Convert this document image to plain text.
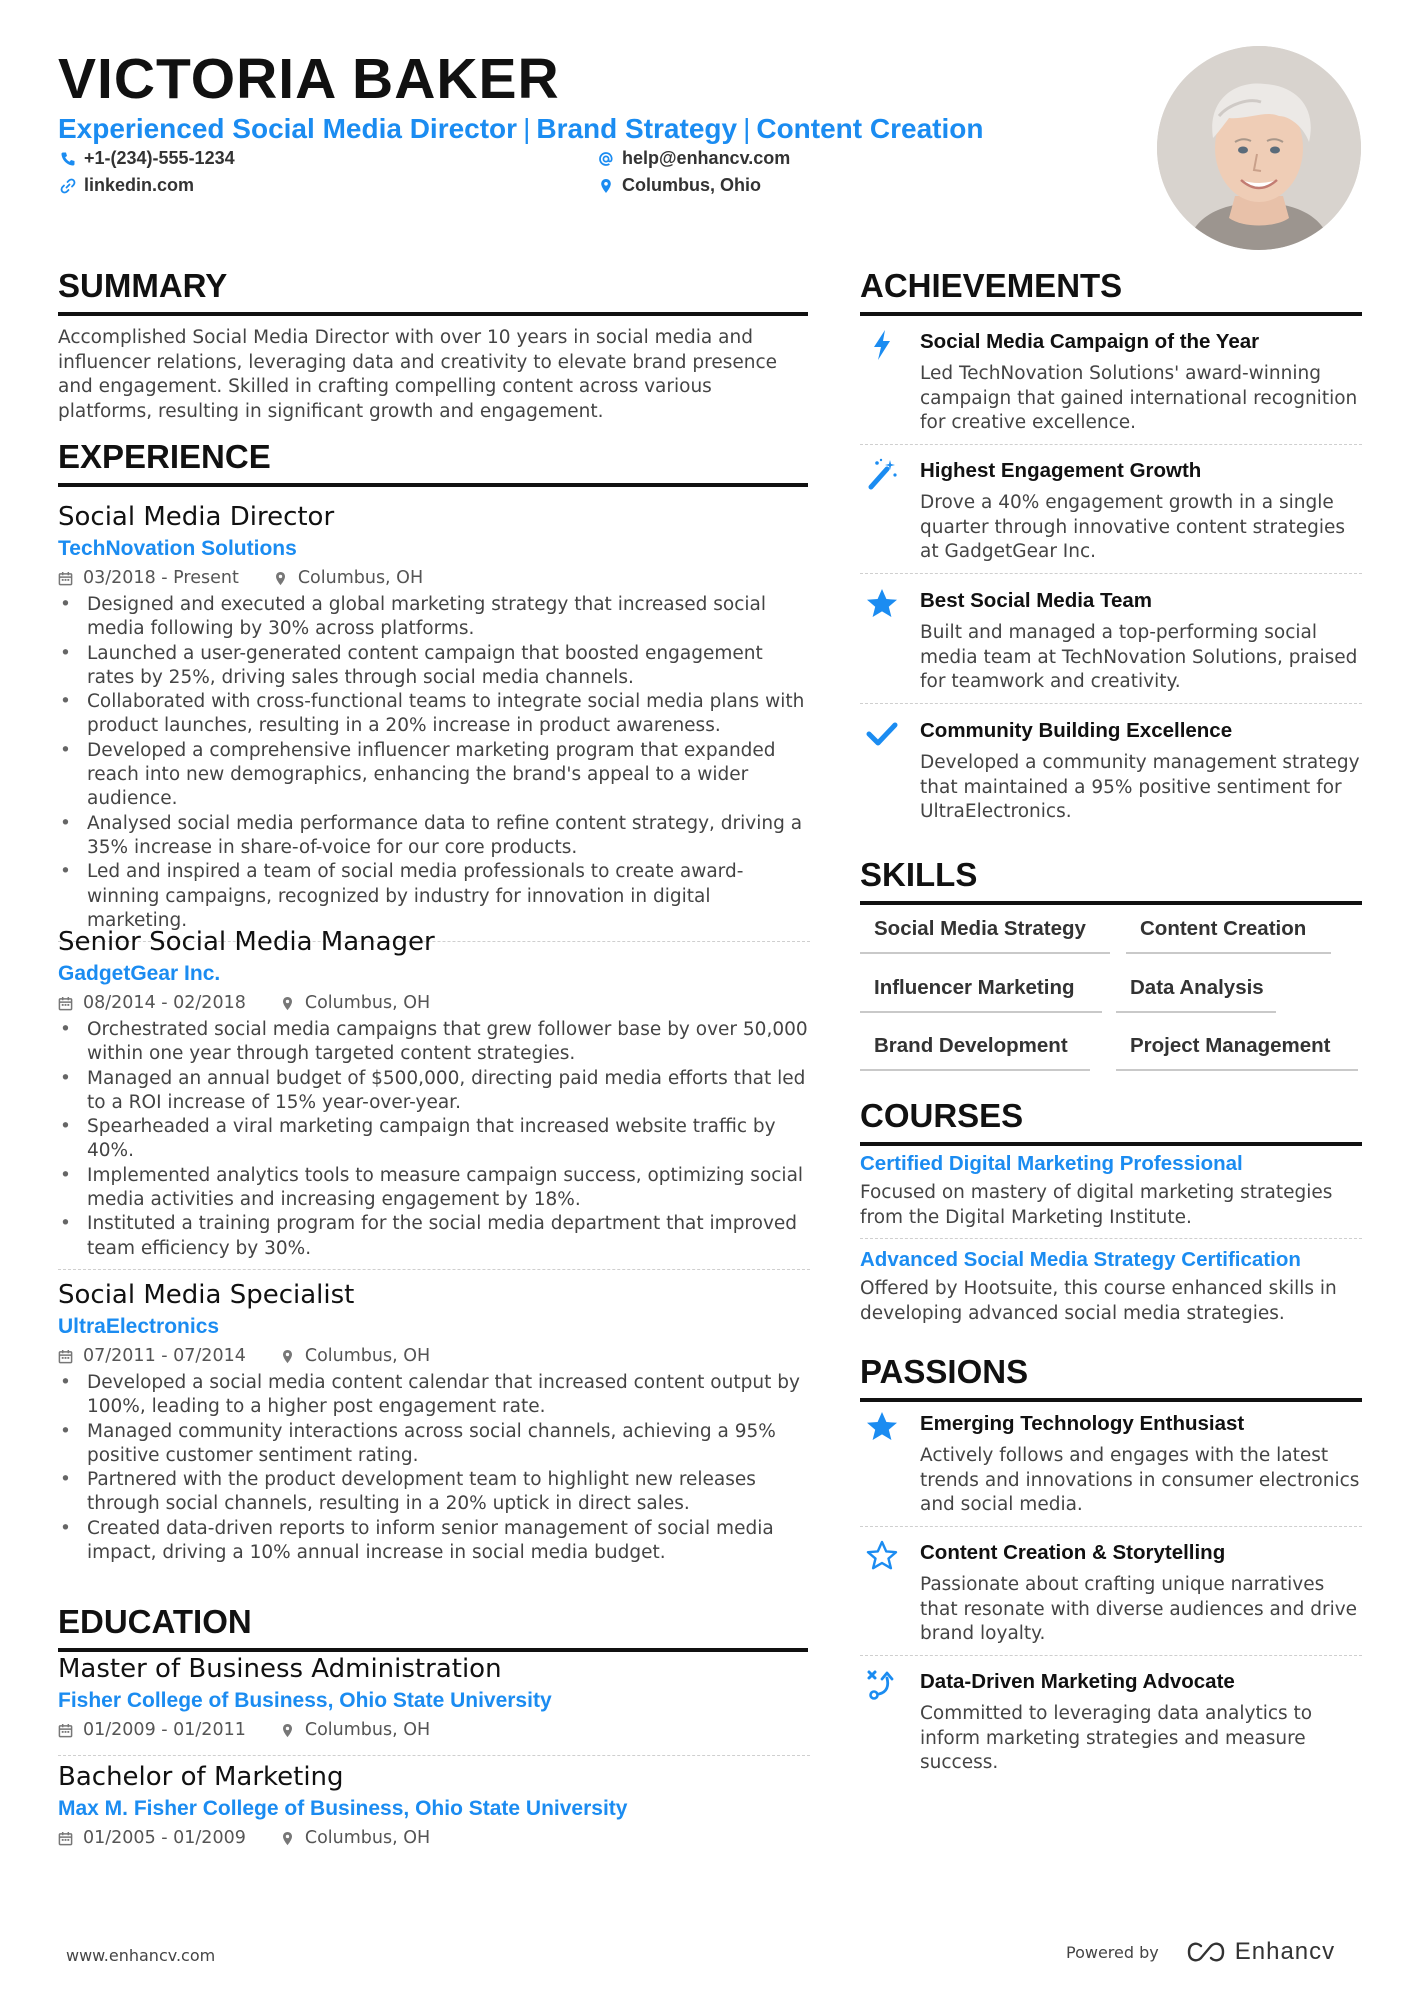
VICTORIA BAKER
Experienced Social Media Director | Brand Strategy | Content Creation
+1-(234)-555-1234
linkedin.com
help@enhancv.com
Columbus, Ohio
SUMMARY
Accomplished Social Media Director with over 10 years in social media and influencer relations, leveraging data and creativity to elevate brand presence and engagement. Skilled in crafting compelling content across various platforms, resulting in significant growth and engagement.
EXPERIENCE
Social Media Director
TechNovation Solutions
03/2018 - Present	Columbus, OH
• Designed and executed a global marketing strategy that increased social media following by 30% across platforms.
• Launched a user-generated content campaign that boosted engagement rates by 25%, driving sales through social media channels.
• Collaborated with cross-functional teams to integrate social media plans with product launches, resulting in a 20% increase in product awareness.
• Developed a comprehensive influencer marketing program that expanded reach into new demographics, enhancing the brand's appeal to a wider audience.
• Analysed social media performance data to refine content strategy, driving a 35% increase in share-of-voice for our core products.
• Led and inspired a team of social media professionals to create award-winning campaigns, recognized by industry for innovation in digital marketing.
Senior Social Media Manager
GadgetGear Inc.
08/2014 - 02/2018	Columbus, OH
• Orchestrated social media campaigns that grew follower base by over 50,000 within one year through targeted content strategies.
• Managed an annual budget of $500,000, directing paid media efforts that led to a ROI increase of 15% year-over-year.
• Spearheaded a viral marketing campaign that increased website traffic by 40%.
• Implemented analytics tools to measure campaign success, optimizing social media activities and increasing engagement by 18%.
• Instituted a training program for the social media department that improved team efficiency by 30%.
Social Media Specialist
UltraElectronics
07/2011 - 07/2014	Columbus, OH
• Developed a social media content calendar that increased content output by 100%, leading to a higher post engagement rate.
• Managed community interactions across social channels, achieving a 95% positive customer sentiment rating.
• Partnered with the product development team to highlight new releases through social channels, resulting in a 20% uptick in direct sales.
• Created data-driven reports to inform senior management of social media impact, driving a 10% annual increase in social media budget.
EDUCATION
Master of Business Administration
Fisher College of Business, Ohio State University
01/2009 - 01/2011	Columbus, OH
Bachelor of Marketing
Max M. Fisher College of Business, Ohio State University
01/2005 - 01/2009	Columbus, OH
ACHIEVEMENTS
Social Media Campaign of the Year
Led TechNovation Solutions' award-winning campaign that gained international recognition for creative excellence.
Highest Engagement Growth
Drove a 40% engagement growth in a single quarter through innovative content strategies at GadgetGear Inc.
Best Social Media Team
Built and managed a top-performing social media team at TechNovation Solutions, praised for teamwork and creativity.
Community Building Excellence
Developed a community management strategy that maintained a 95% positive sentiment for UltraElectronics.
SKILLS
Social Media Strategy	Content Creation
Influencer Marketing	Data Analysis
Brand Development	Project Management
COURSES
Certified Digital Marketing Professional
Focused on mastery of digital marketing strategies from the Digital Marketing Institute.
Advanced Social Media Strategy Certification
Offered by Hootsuite, this course enhanced skills in developing advanced social media strategies.
PASSIONS
Emerging Technology Enthusiast
Actively follows and engages with the latest trends and innovations in consumer electronics and social media.
Content Creation & Storytelling
Passionate about crafting unique narratives that resonate with diverse audiences and drive brand loyalty.
Data-Driven Marketing Advocate
Committed to leveraging data analytics to inform marketing strategies and measure success.
www.enhancv.com	Powered by	Enhancv
